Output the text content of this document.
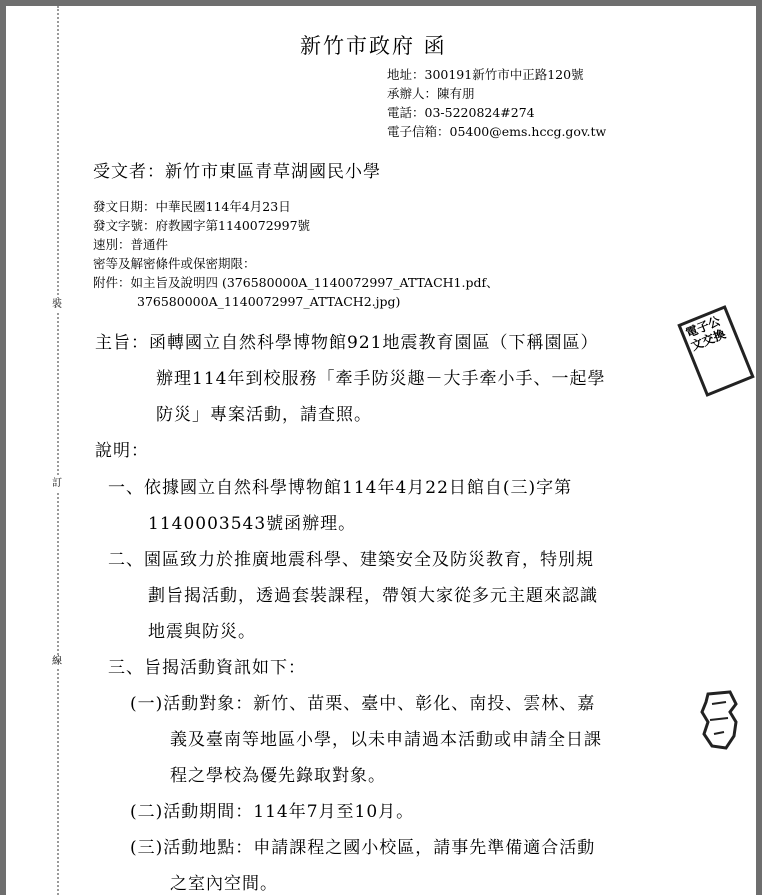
裝
訂
線
新竹市政府 函
地址：300191新竹市中正路120號
承辦人：陳有朋
電話：03-5220824#274
電子信箱：05400@ems.hccg.gov.tw
受文者：新竹市東區青草湖國民小學
發文日期：中華民國114年4月23日
發文字號：府教國字第1140072997號
速別：普通件
密等及解密條件或保密期限：
附件：如主旨及說明四 (376580000A_1140072997_ATTACH1.pdf、
376580000A_1140072997_ATTACH2.jpg)
電子公文交換
主旨：函轉國立自然科學博物館921地震教育園區（下稱園區）
辦理114年到校服務「牽手防災趣－大手牽小手、一起學
防災」專案活動，請查照。
說明：
一、依據國立自然科學博物館114年4月22日館自(三)字第
1140003543號函辦理。
二、園區致力於推廣地震科學、建築安全及防災教育，特別規
劃旨揭活動，透過套裝課程，帶領大家從多元主題來認識
地震與防災。
三、旨揭活動資訊如下：
(一)活動對象：新竹、苗栗、臺中、彰化、南投、雲林、嘉
義及臺南等地區小學，以未申請過本活動或申請全日課
程之學校為優先錄取對象。
(二)活動期間：114年7月至10月。
(三)活動地點：申請課程之國小校區，請事先準備適合活動
之室內空間。
